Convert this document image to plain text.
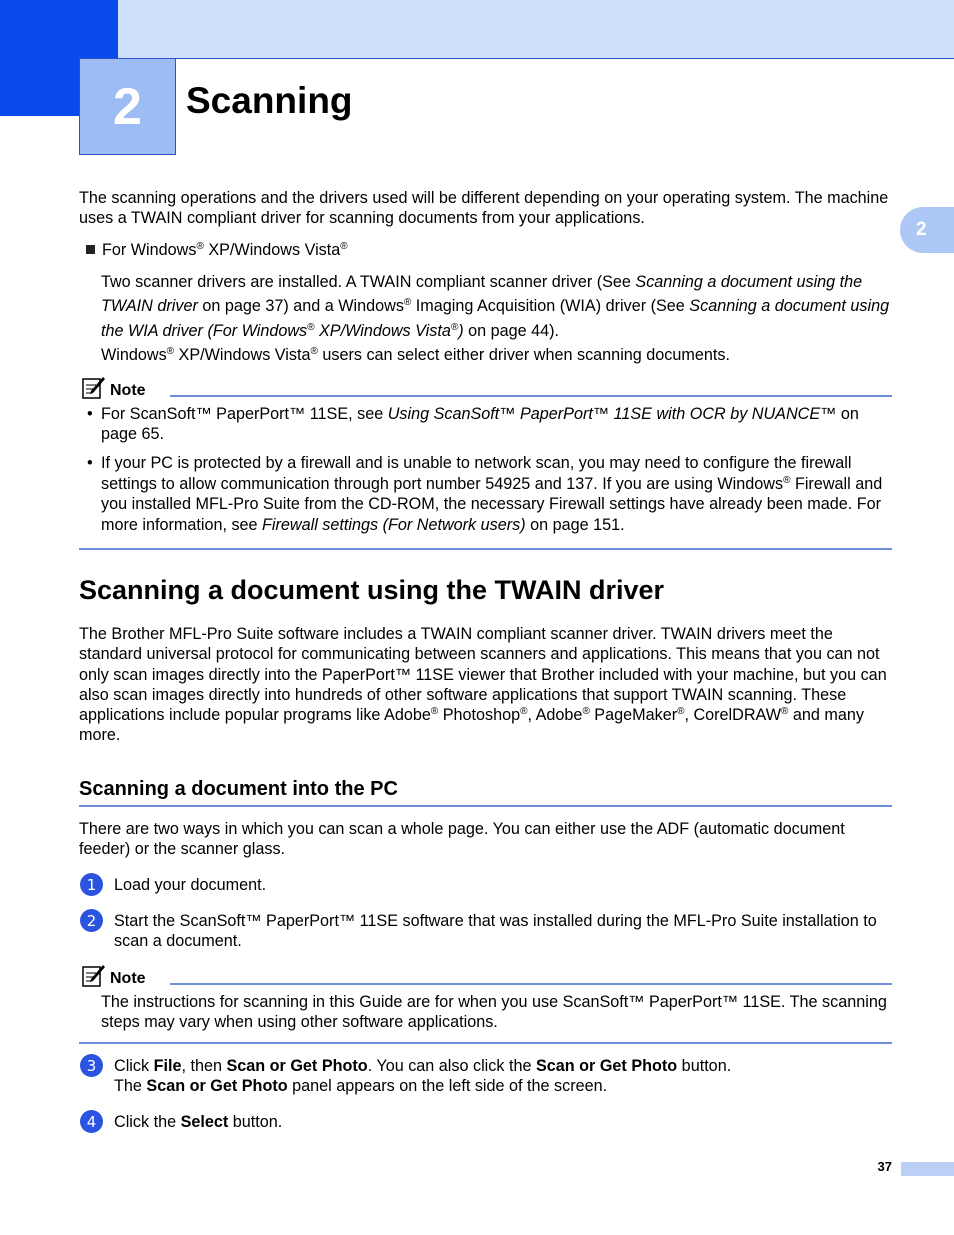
2	Scanning
2
The scanning operations and the drivers used will be different depending on your operating system. The machine uses a TWAIN compliant driver for scanning documents from your applications.
For Windows® XP/Windows Vista®
Two scanner drivers are installed. A TWAIN compliant scanner driver (See Scanning a document using the TWAIN driver on page 37) and a Windows® Imaging Acquisition (WIA) driver (See Scanning a document using the WIA driver (For Windows® XP/Windows Vista®) on page 44).
Windows® XP/Windows Vista® users can select either driver when scanning documents.
Note
• For ScanSoft™ PaperPort™ 11SE, see Using ScanSoft™ PaperPort™ 11SE with OCR by NUANCE™ on page 65.
• If your PC is protected by a firewall and is unable to network scan, you may need to configure the firewall settings to allow communication through port number 54925 and 137. If you are using Windows® Firewall and you installed MFL-Pro Suite from the CD-ROM, the necessary Firewall settings have already been made. For more information, see Firewall settings (For Network users) on page 151.
Scanning a document using the TWAIN driver
The Brother MFL-Pro Suite software includes a TWAIN compliant scanner driver. TWAIN drivers meet the standard universal protocol for communicating between scanners and applications. This means that you can not only scan images directly into the PaperPort™ 11SE viewer that Brother included with your machine, but you can also scan images directly into hundreds of other software applications that support TWAIN scanning. These applications include popular programs like Adobe® Photoshop®, Adobe® PageMaker®, CorelDRAW® and many more.
Scanning a document into the PC
There are two ways in which you can scan a whole page. You can either use the ADF (automatic document feeder) or the scanner glass.
1	Load your document.
2	Start the ScanSoft™ PaperPort™ 11SE software that was installed during the MFL-Pro Suite installation to scan a document.
Note
The instructions for scanning in this Guide are for when you use ScanSoft™ PaperPort™ 11SE. The scanning steps may vary when using other software applications.
3	Click File, then Scan or Get Photo. You can also click the Scan or Get Photo button.
The Scan or Get Photo panel appears on the left side of the screen.
4	Click the Select button.
37
